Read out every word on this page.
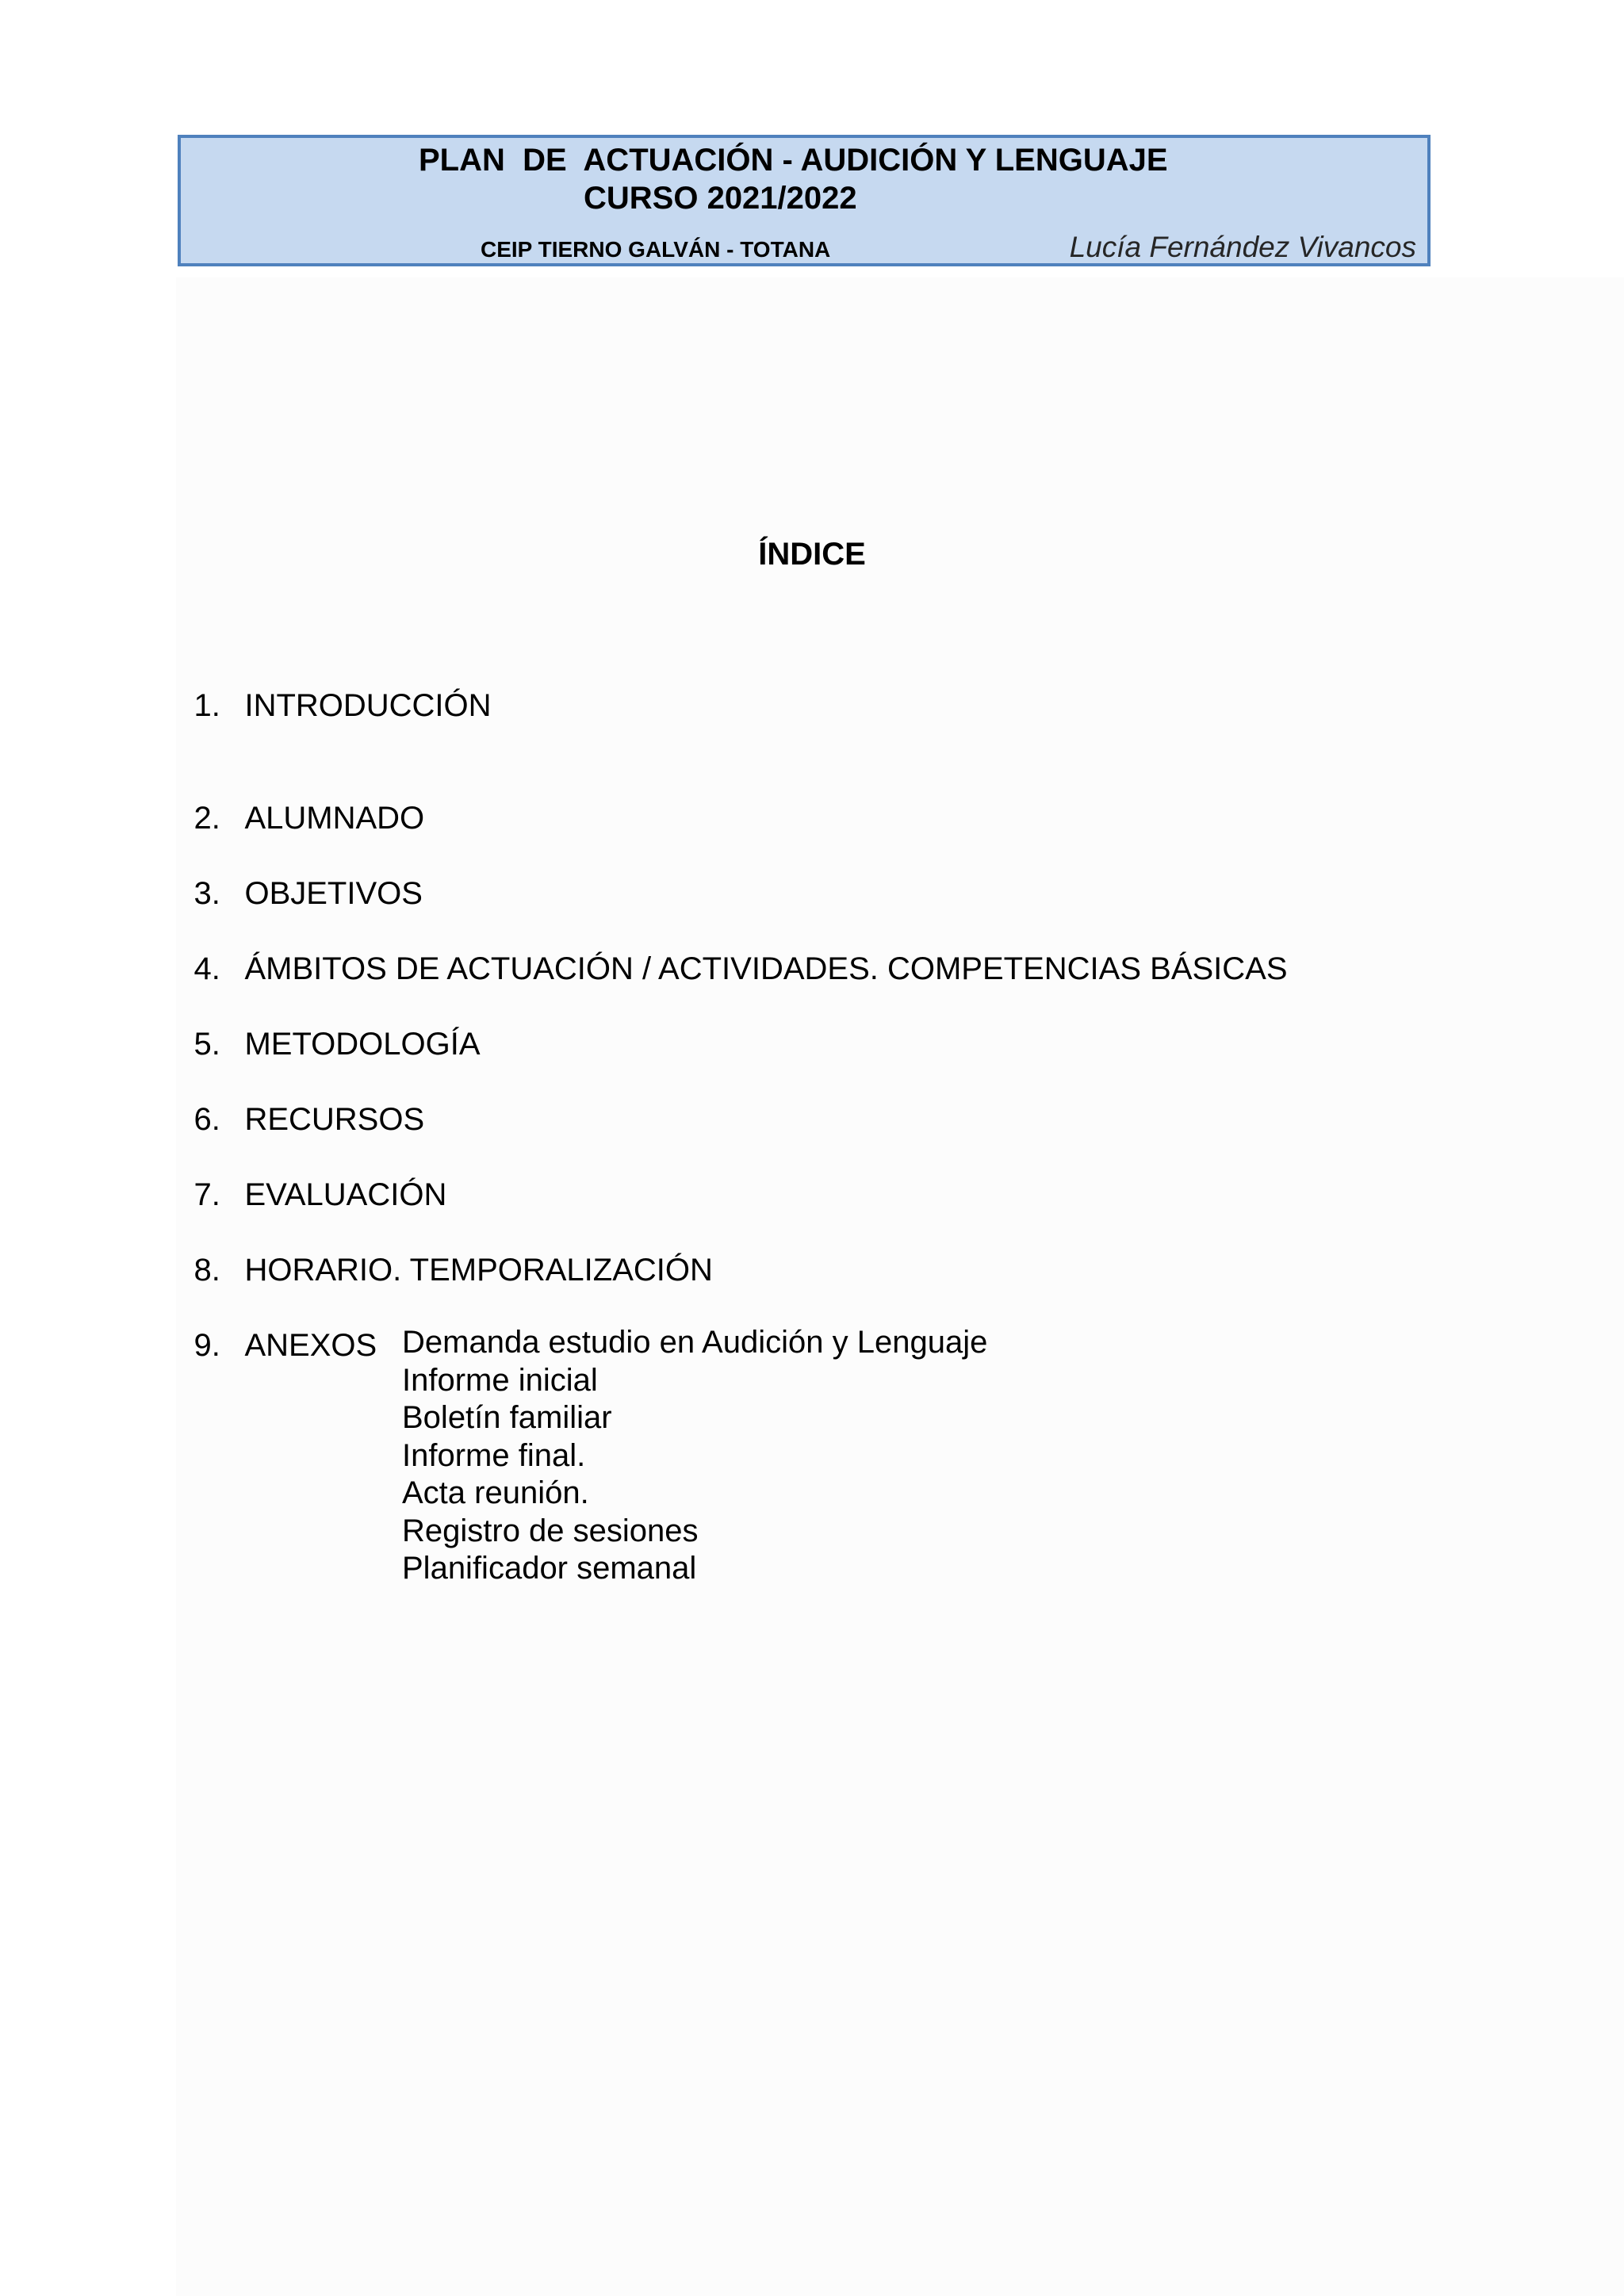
PLAN  DE  ACTUACIÓN - AUDICIÓN Y LENGUAJE
CURSO 2021/2022
CEIP TIERNO GALVÁN - TOTANA	Lucía Fernández Vivancos
ÍNDICE

1. INTRODUCCIÓN

2. ALUMNADO

3. OBJETIVOS

4. ÁMBITOS DE ACTUACIÓN / ACTIVIDADES. COMPETENCIAS BÁSICAS

5. METODOLOGÍA

6. RECURSOS

7. EVALUACIÓN

8. HORARIO. TEMPORALIZACIÓN

9. ANEXOS
Demanda estudio en Audición y Lenguaje
Informe inicial
Boletín familiar
Informe final.
Acta reunión.
Registro de sesiones
Planificador semanal
